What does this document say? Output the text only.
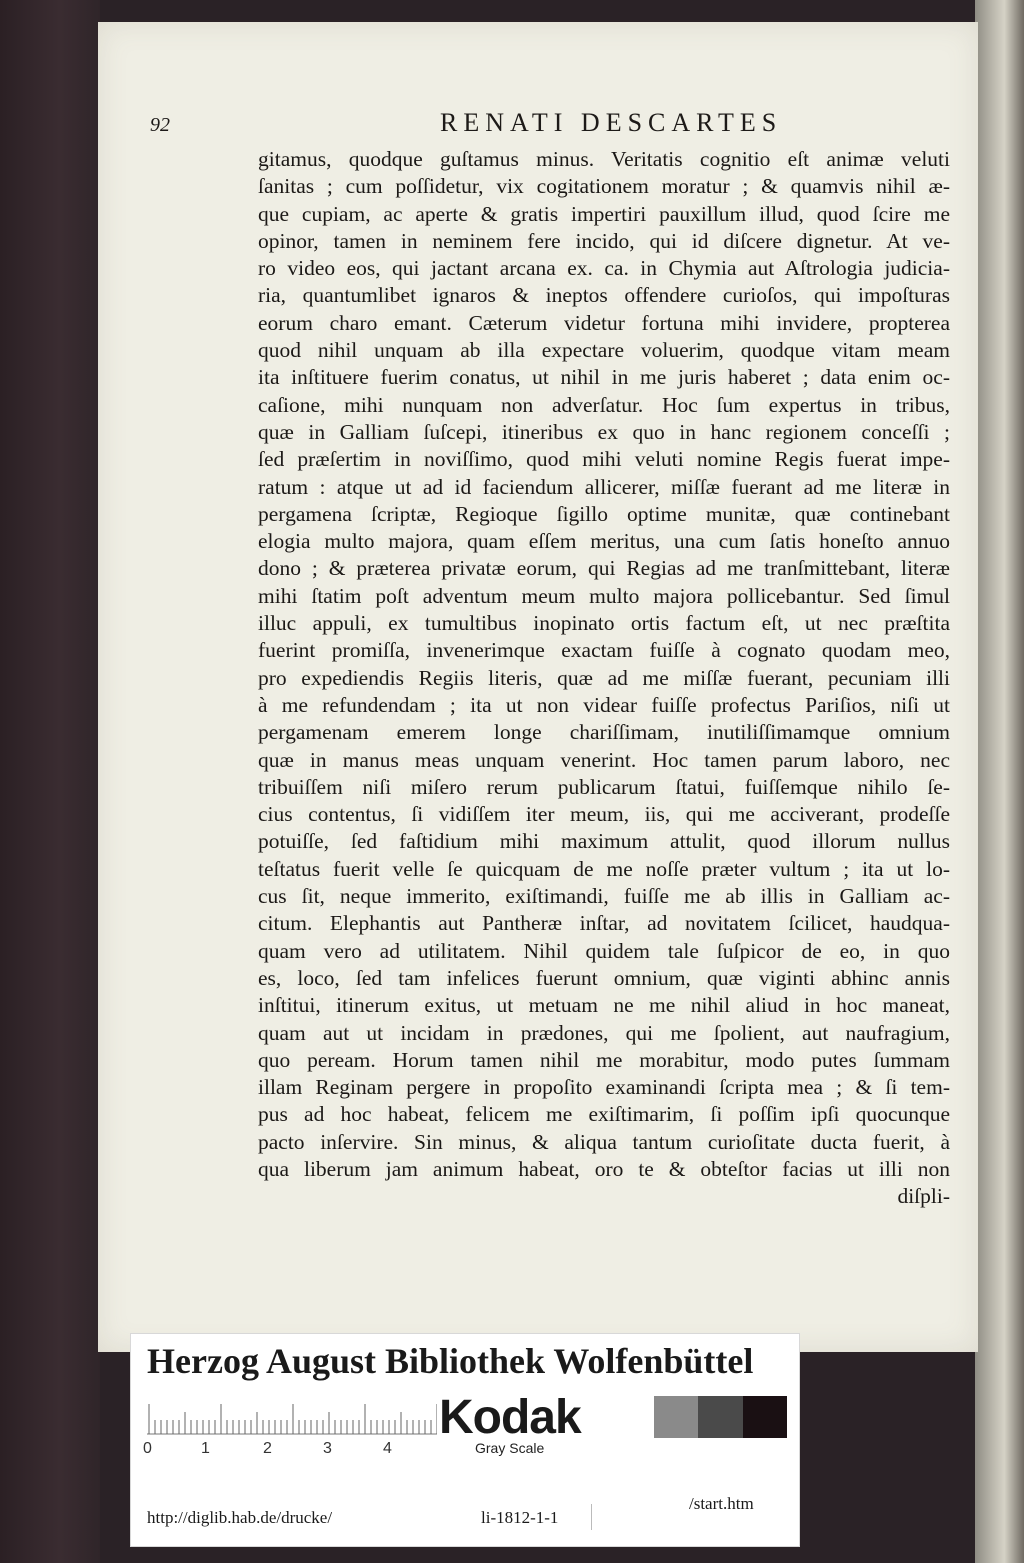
92	RENATI DESCARTES
gitamus, quodque guſtamus minus. Veritatis cognitio eſt animæ veluti
ſanitas ; cum poſſidetur, vix cogitationem moratur ; & quamvis nihil æ-
que cupiam, ac aperte & gratis impertiri pauxillum illud, quod ſcire me
opinor, tamen in neminem fere incido, qui id diſcere dignetur. At ve-
ro video eos, qui jactant arcana ex. ca. in Chymia aut Aſtrologia judicia-
ria, quantumlibet ignaros & ineptos offendere curioſos, qui impoſturas
eorum charo emant. Cæterum videtur fortuna mihi invidere, propterea
quod nihil unquam ab illa expectare voluerim, quodque vitam meam
ita inſtituere fuerim conatus, ut nihil in me juris haberet ; data enim oc-
caſione, mihi nunquam non adverſatur. Hoc ſum expertus in tribus,
quæ in Galliam ſuſcepi, itineribus ex quo in hanc regionem conceſſi ;
ſed præſertim in noviſſimo, quod mihi veluti nomine Regis fuerat impe-
ratum : atque ut ad id faciendum allicerer, miſſæ fuerant ad me literæ in
pergamena ſcriptæ, Regioque ſigillo optime munitæ, quæ continebant
elogia multo majora, quam eſſem meritus, una cum ſatis honeſto annuo
dono ; & præterea privatæ eorum, qui Regias ad me tranſmittebant, literæ
mihi ſtatim poſt adventum meum multo majora pollicebantur. Sed ſimul
illuc appuli, ex tumultibus inopinato ortis factum eſt, ut nec præſtita
fuerint promiſſa, invenerimque exactam fuiſſe à cognato quodam meo,
pro expediendis Regiis literis, quæ ad me miſſæ fuerant, pecuniam illi
à me refundendam ; ita ut non videar fuiſſe profectus Pariſios, niſi ut
pergamenam emerem longe chariſſimam, inutiliſſimamque omnium
quæ in manus meas unquam venerint. Hoc tamen parum laboro, nec
tribuiſſem niſi miſero rerum publicarum ſtatui, fuiſſemque nihilo ſe-
cius contentus, ſi vidiſſem iter meum, iis, qui me acciverant, prodeſſe
potuiſſe, ſed faſtidium mihi maximum attulit, quod illorum nullus
teſtatus fuerit velle ſe quicquam de me noſſe præter vultum ; ita ut lo-
cus ſit, neque immerito, exiſtimandi, fuiſſe me ab illis in Galliam ac-
citum. Elephantis aut Pantheræ inſtar, ad novitatem ſcilicet, haudqua-
quam vero ad utilitatem. Nihil quidem tale ſuſpicor de eo, in quo
es, loco, ſed tam infelices fuerunt omnium, quæ viginti abhinc annis
inſtitui, itinerum exitus, ut metuam ne me nihil aliud in hoc maneat,
quam aut ut incidam in prædones, qui me ſpolient, aut naufragium,
quo peream. Horum tamen nihil me morabitur, modo putes ſummam
illam Reginam pergere in propoſito examinandi ſcripta mea ; & ſi tem-
pus ad hoc habeat, felicem me exiſtimarim, ſi poſſim ipſi quocunque
pacto inſervire. Sin minus, & aliqua tantum curioſitate ducta fuerit, à
qua liberum jam animum habeat, oro te & obteſtor facias ut illi non
diſpli-
Herzog August Bibliothek Wolfenbüttel
0	1	2	3	4
Kodak
Gray Scale
http://diglib.hab.de/drucke/	li-1812-1-1
/start.htm
